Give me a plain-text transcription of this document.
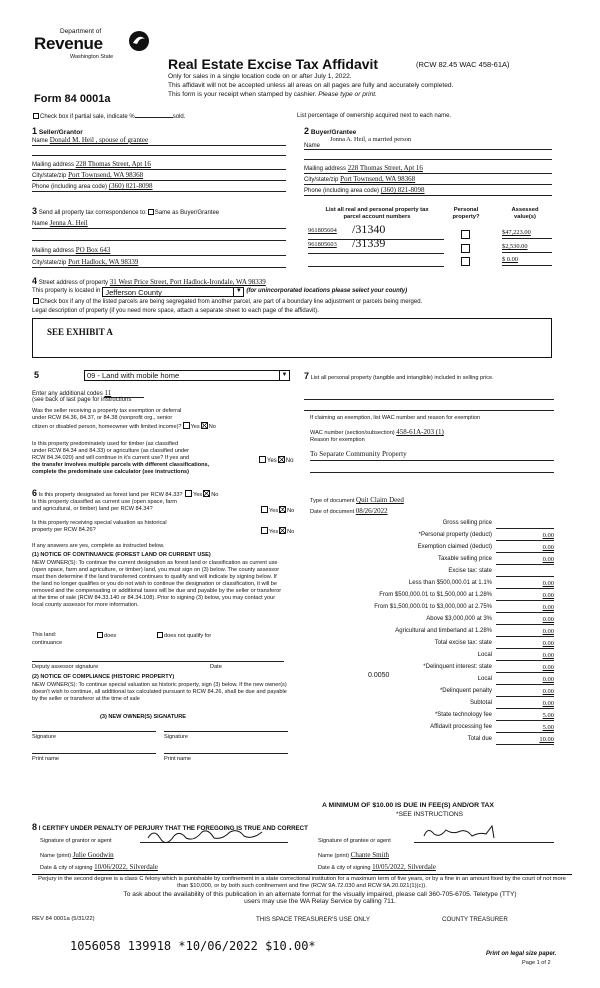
Department of
Revenue
Washington State
Form 84 0001a
Real Estate Excise Tax Affidavit	(RCW 82.45 WAC 458-61A)
Only for sales in a single location code on or after July 1, 2022.
This affidavit will not be accepted unless all areas on all pages are fully and accurately completed.
This form is your receipt when stamped by cashier. Please type or print.
Check box if partial sale, indicate %	sold.	List percentage of ownership acquired next to each name.
1 Seller/Grantor
Name Donald M. Heil , spouse of grantee
Mailing address 228 Thomas Street, Apt 16
City/state/zip Port Townsend, WA 98368
Phone (including area code) (360) 821-8098
2 Buyer/Grantee
Name
Jonna A. Heil, a married person
Mailing address 228 Thomas Street, Apt 16
City/state/zip Port Townsend, WA 98368
Phone (including area code) (360) 821-8098
3 Send all property tax correspondence to: Same as Buyer/Grantee
Name Jenna A. Heil
Mailing address PO Box 643
City/state/zip Port Hadlock, WA 98339
List all real and personal property tax
parcel account numbers
Personal
property?
Assessed
value(s)
961805604 /31340	$47,223.00
961805603 /31339	$2,530.00
$ 0.00
4 Street address of property 31 West Price Street, Port Hadlock-Irondale, WA 98339
This property is located in Jefferson County	▼ (for unincorporated locations please select your county)
Check box if any of the listed parcels are being segregated from another parcel, are part of a boundary line adjustment or parcels being merged.
Legal description of property (if you need more space, attach a separate sheet to each page of the affidavit).
SEE EXHIBIT A
5	09 - Land with mobile home	▼
Enter any additional codes 11
(see back of last page for instructions
Was the seller receiving a property tax exemption or deferral
under RCW 84.36, 84.37, or 84.38 (nonprofit org., senior
citizen or disabled person, homeowner with limited income)? Yes No
Is this property predominately used for timber (as classified
under RCW 84.34 and 84.33) or agriculture (as classified under
RCW 84.34.020) and will continue in it's current use? If yes and
the transfer involves multiple parcels with different classifications,
complete the predominate use calculator (see instructions)
Yes No
6 Is this property designated as forest land per RCW 84.33? Yes No
Is this property classified as current use (open space, farm
and agricultural, or timber) land per RCW 84.34?	Yes No
Is this property receiving special valuation as historical
property per RCW 84.26?	Yes No
If any answers are yes, complete as instructed below.
(1) NOTICE OF CONTINUANCE (FOREST LAND OR CURRENT USE)
NEW OWNER(S): To continue the current designation as forest land or classification as current use (open space, farm and agriculture, or timber) land, you must sign on (3) below. The county assessor must then determine if the land transferred continues to qualify and will indicate by signing below. If the land no longer qualifies or you do not wish to continue the designation or classification, it will be removed and the compensating or additional taxes will be due and payable by the seller or transferor at the time of sale (RCW 84.33.140 or 84.34.108). Prior to signing (3) below, you may contact your local county assessor for more information.
This land:	does	does not qualify for
continuance
Deputy assessor signature	Date
(2) NOTICE OF COMPLIANCE (HISTORIC PROPERTY)
NEW OWNER(S): To continue special valuation as historic property, sign (3) below. If the new owner(s) doesn't wish to continue, all additional tax calculated pursuant to RCW 84.26, shall be due and payable by the seller or transferor at the time of sale
(3) NEW OWNER(S) SIGNATURE
Signature	Signature
Print name	Print name
7 List all personal property (tangible and intangible) included in selling price.
If claiming an exemption, list WAC number and reason for exemption
WAC number (section/subsection) 458-61A-203 (1)
Reason for exemption
To Separate Community Property
Type of document Quit Claim Deed
Date of document 08/26/2022
Gross selling price
*Personal property (deduct)	0.00
Exemption claimed (deduct)	0.00
Taxable selling price	0.00
Excise tax: state
Less than $500,000.01 at 1.1%	0.00
From $500,000.01 to $1,500,000 at 1.28%	0.00
From $1,500,000.01 to $3,000,000 at 2.75%	0.00
Above $3,000,000 at 3%	0.00
Agricultural and timberland at 1.28%	0.00
Total excise tax: state	0.00
Local	0.00
*Delinquent interest: state	0.00
Local	0.00
*Delinquent penalty	0.00
Subtotal	0.00
*State technology fee	5.00
Affidavit processing fee	5.00
Total due	10.00
0.0050
A MINIMUM OF $10.00 IS DUE IN FEE(S) AND/OR TAX
*SEE INSTRUCTIONS
8 I CERTIFY UNDER PENALTY OF PERJURY THAT THE FOREGOING IS TRUE AND CORRECT
Signature of grantor or agent
Name (print) Julie Goodwin
Date & city of signing 10/06/2022, Silverdale
Signature of grantee or agent
Name (print) Chante Smith
Date & city of signing 10/05/2022, Silverdale
Perjury in the second degree is a class C felony which is punishable by confinement in a state correctional institution for a maximum term of five years, or by a fine in an amount fixed by the court of not more than $10,000, or by both such confinement and fine (RCW 9A.72.030 and RCW 9A.20.021(1)(c)).
To ask about the availability of this publication in an alternate format for the visually impaired, please call 360-705-6705. Teletype (TTY) users may use the WA Relay Service by calling 711.
REV 84 0001a (5/31/22)	THIS SPACE TREASURER'S USE ONLY	COUNTY TREASURER
1056058 139918 *10/06/2022 $10.00*
Print on legal size paper.
Page 1 of 2
